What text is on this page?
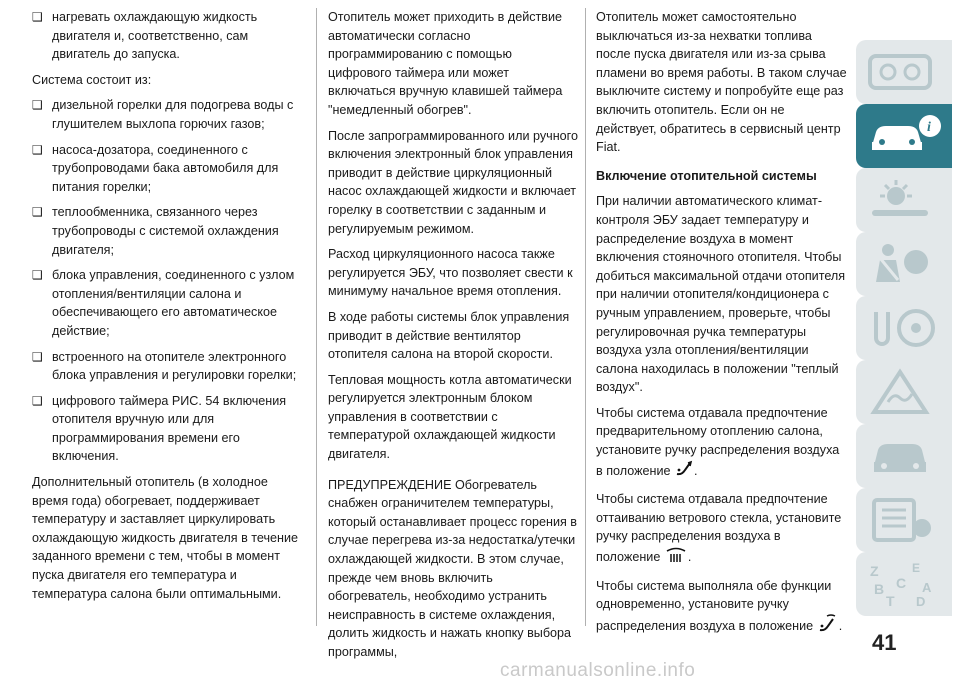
❑ нагревать охлаждающую жидкость двигателя и, соответственно, сам двигатель до запуска.

Система состоит из:

❑ дизельной горелки для подогрева воды с глушителем выхлопа горючих газов;

❑ насоса-дозатора, соединенного с трубопроводами бака автомобиля для питания горелки;

❑ теплообменника, связанного через трубопроводы с системой охлаждения двигателя;

❑ блока управления, соединенного с узлом отопления/вентиляции салона и обеспечивающего его автоматическое действие;

❑ встроенного на отопителе электронного блока управления и регулировки горелки;

❑ цифрового таймера РИС. 54 включения отопителя вручную или для программирования времени его включения.

Дополнительный отопитель (в холодное время года) обогревает, поддерживает температуру и заставляет циркулировать охлаждающую жидкость двигателя в течение заданного времени с тем, чтобы в момент пуска двигателя его температура и температура салона были оптимальными.

Отопитель может приходить в действие автоматически согласно программированию с помощью цифрового таймера или может включаться вручную клавишей таймера "немедленный обогрев".

После запрограммированного или ручного включения электронный блок управления приводит в действие циркуляционный насос охлаждающей жидкости и включает горелку в соответствии с заданным и регулируемым режимом.

Расход циркуляционного насоса также регулируется ЭБУ, что позволяет свести к минимуму начальное время отопления.

В ходе работы системы блок управления приводит в действие вентилятор отопителя салона на второй скорости.

Тепловая мощность котла автоматически регулируется электронным блоком управления в соответствии с температурой охлаждающей жидкости двигателя.

ПРЕДУПРЕЖДЕНИЕ Обогреватель снабжен ограничителем температуры, который останавливает процесс горения в случае перегрева из-за недостатка/утечки охлаждающей жидкости. В этом случае, прежде чем вновь включить обогреватель, необходимо устранить неисправность в системе охлаждения, долить жидкость и нажать кнопку выбора программы,

Отопитель может самостоятельно выключаться из-за нехватки топлива после пуска двигателя или из-за срыва пламени во время работы. В таком случае выключите систему и попробуйте еще раз включить отопитель. Если он не действует, обратитесь в сервисный центр Fiat.

Включение отопительной системы

При наличии автоматического климат-контроля ЭБУ задает температуру и распределение воздуха в момент включения стояночного отопителя. Чтобы добиться максимальной отдачи отопителя при наличии отопителя/кондиционера с ручным управлением, проверьте, чтобы регулировочная ручка температуры воздуха узла отопления/вентиляции салона находилась в положении "теплый воздух".

Чтобы система отдавала предпочтение предварительному отоплению салона, установите ручку распределения воздуха в положение .

Чтобы система отдавала предпочтение оттаиванию ветрового стекла, установите ручку распределения воздуха в положение .

Чтобы система выполняла обе функции одновременно, установите ручку распределения воздуха в положение .

i
Z	E
B C A
T D
41
carmanualsonline.info
